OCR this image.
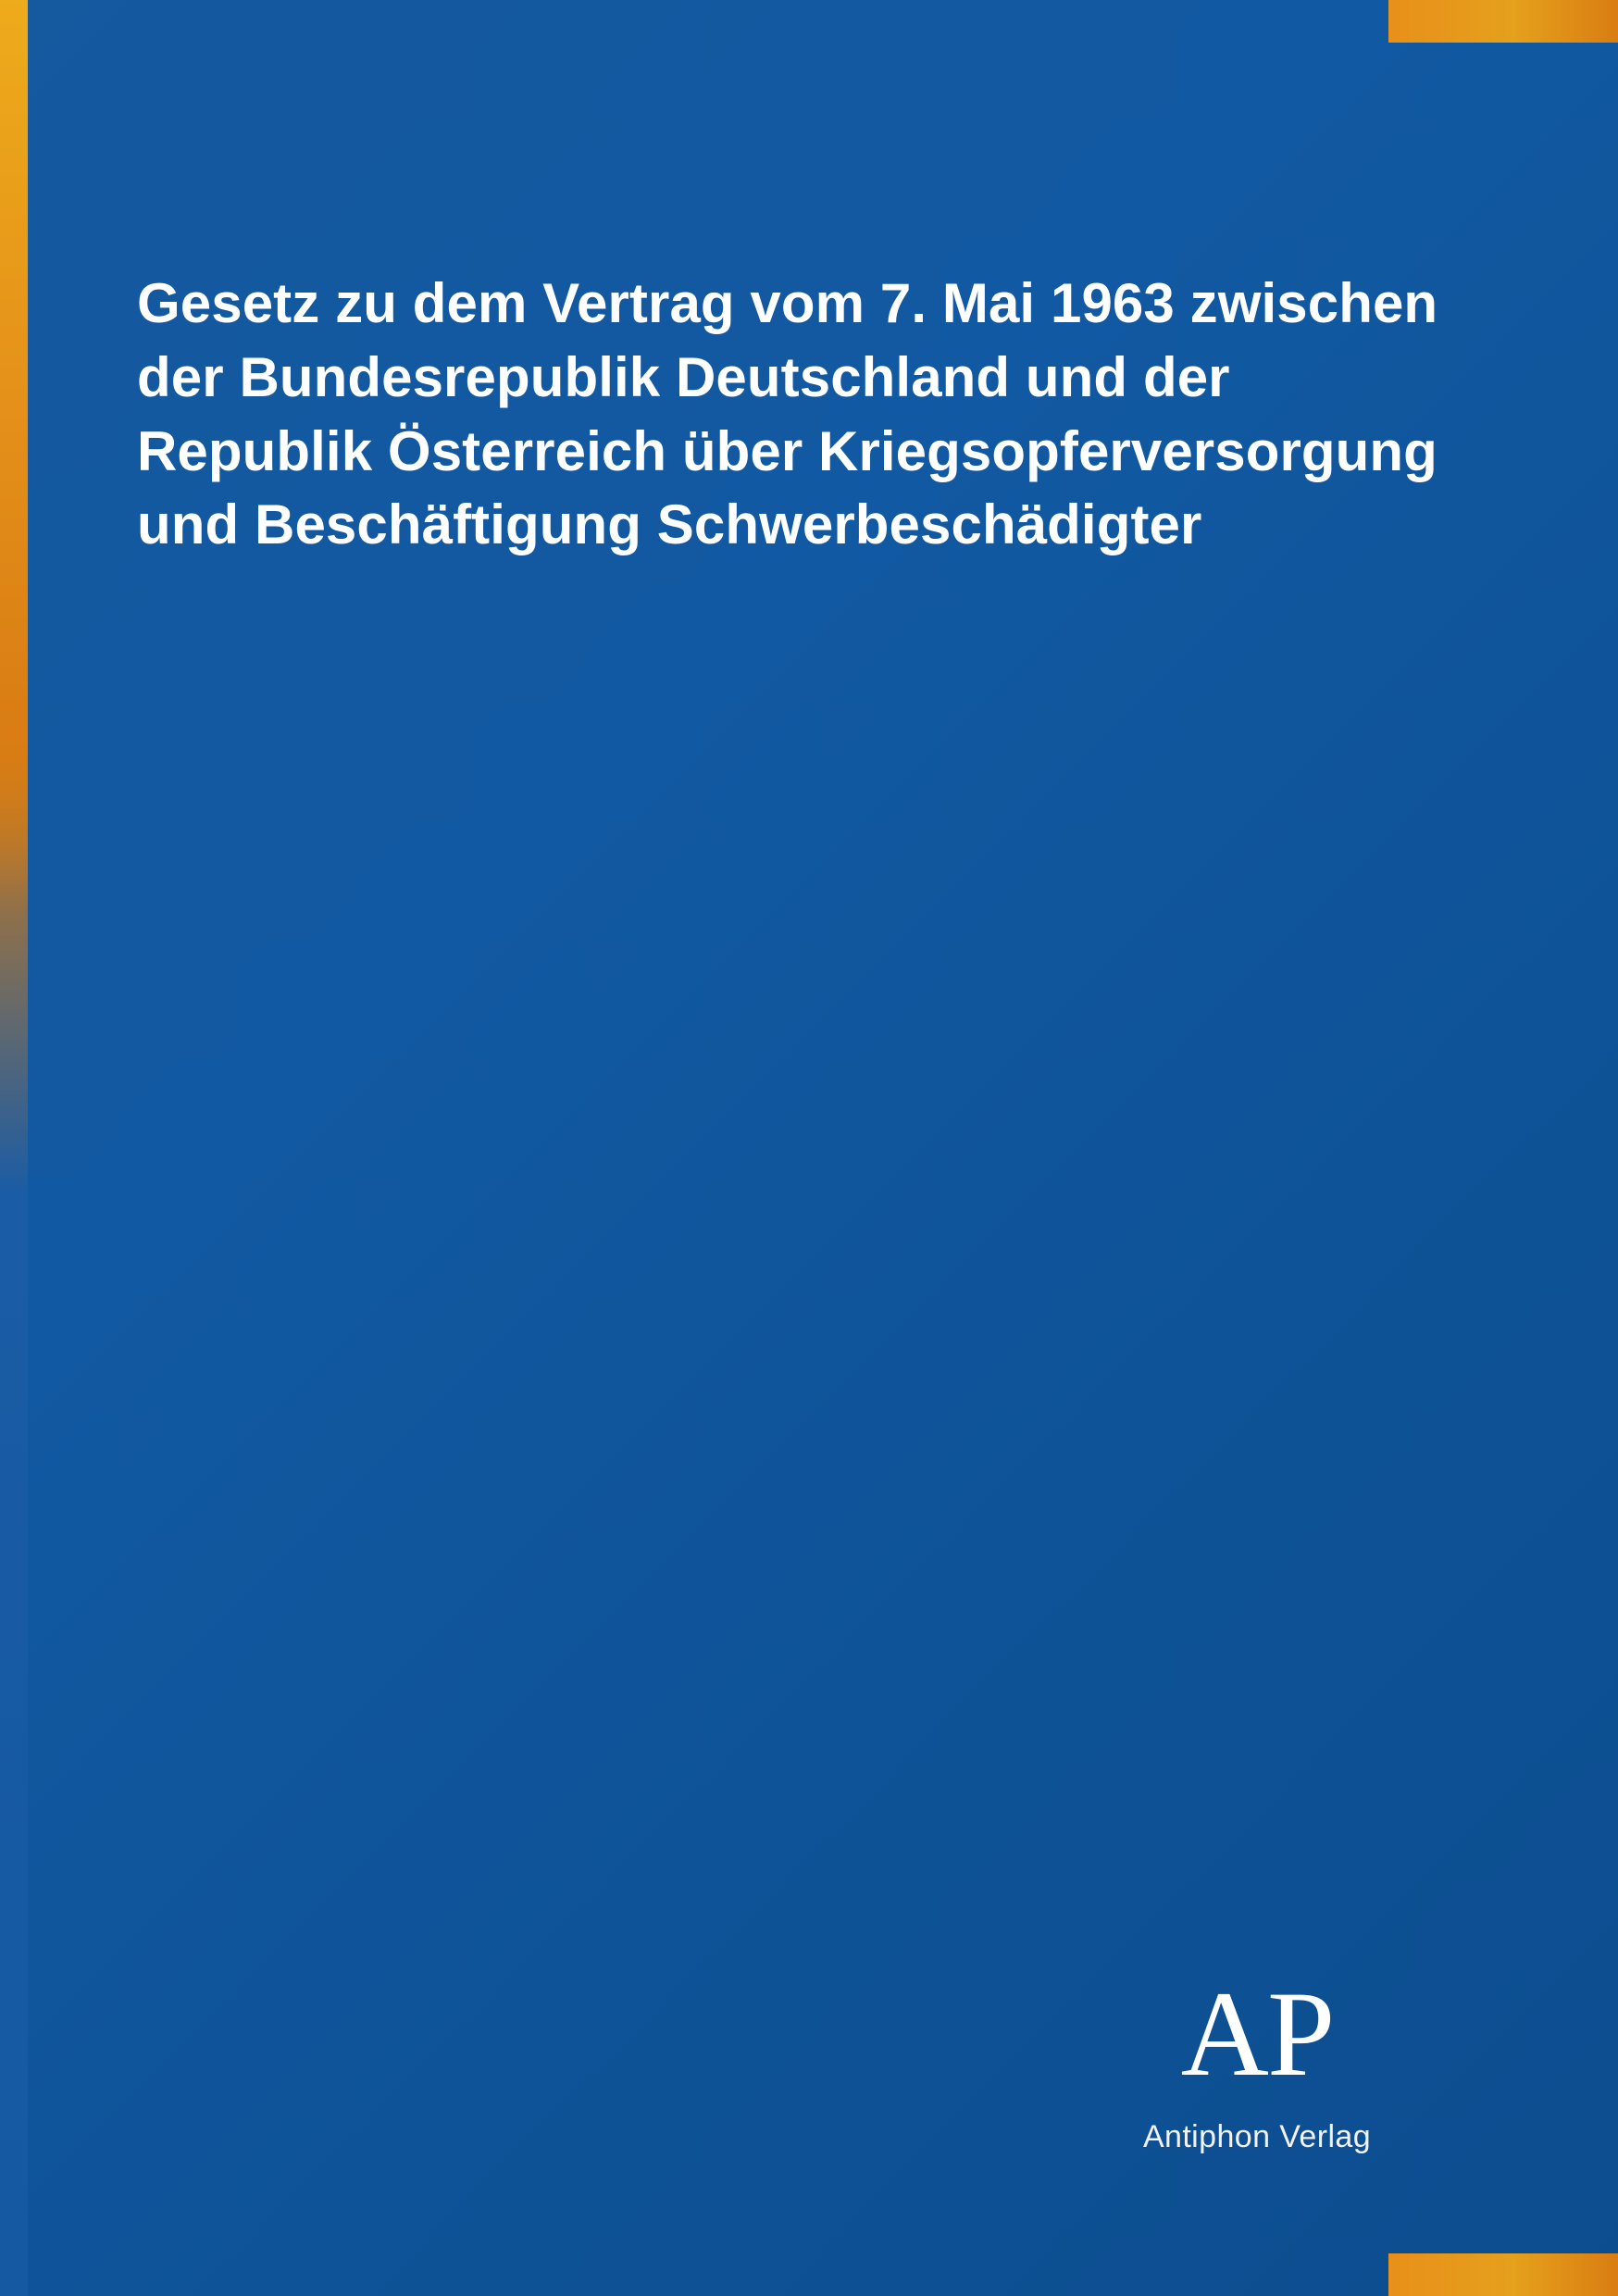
Gesetz zu dem Vertrag vom 7. Mai 1963 zwischen der Bundesrepublik Deutschland und der Republik Österreich über Kriegsopferversorgung und Beschäftigung Schwerbeschädigter
AP
Antiphon Verlag
